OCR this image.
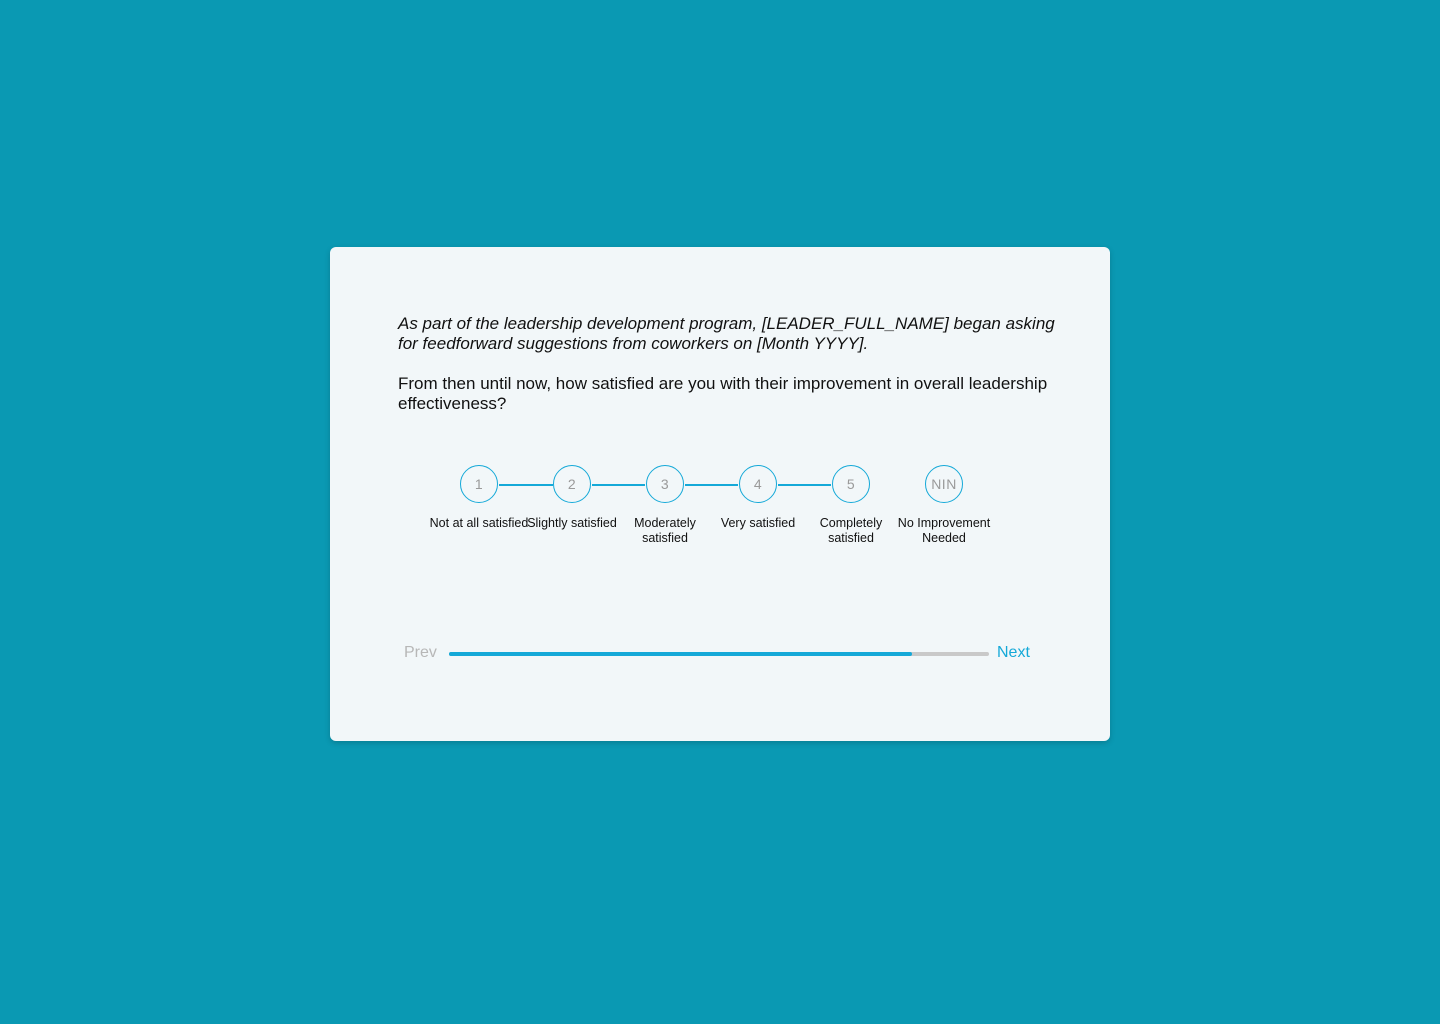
As part of the leadership development program, [LEADER_FULL_NAME] began asking for feedforward suggestions from coworkers on [Month YYYY].

From then until now, how satisfied are you with their improvement in overall leadership effectiveness?

1
Not at all satisfied
2
Slightly satisfied
3
Moderately satisfied
4
Very satisfied
5
Completely satisfied
NIN
No Improvement Needed
Prev	Next
